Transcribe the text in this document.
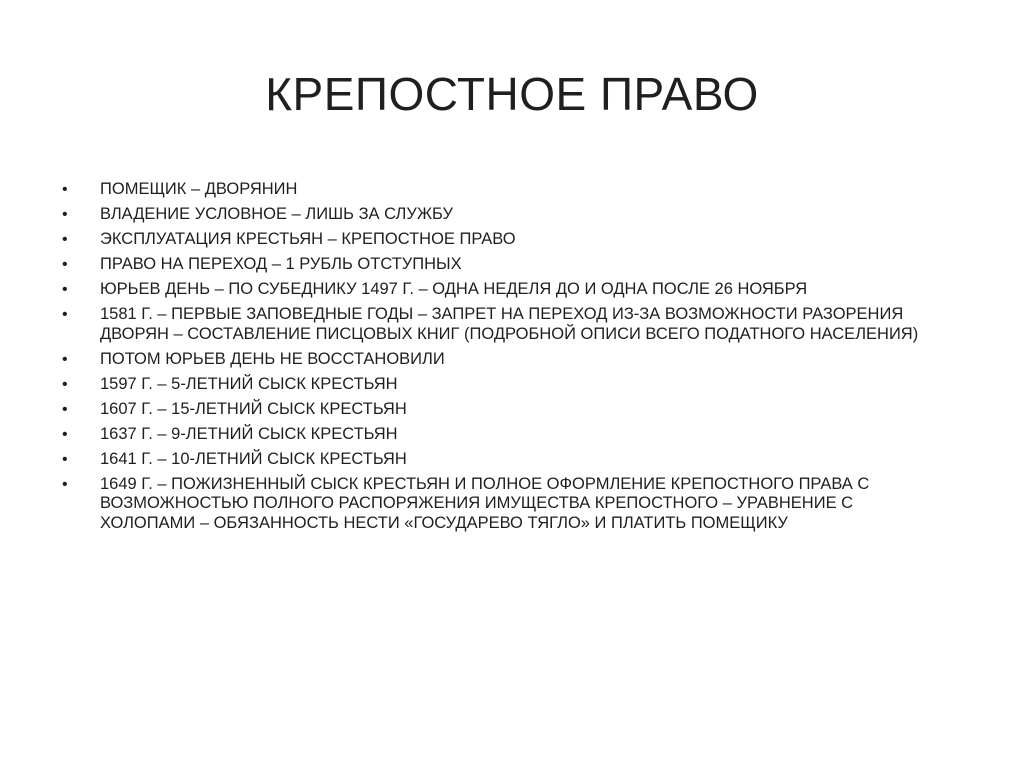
КРЕПОСТНОЕ ПРАВО
•	ПОМЕЩИК – ДВОРЯНИН
•	ВЛАДЕНИЕ УСЛОВНОЕ – ЛИШЬ ЗА СЛУЖБУ
•	ЭКСПЛУАТАЦИЯ КРЕСТЬЯН – КРЕПОСТНОЕ ПРАВО
•	ПРАВО НА ПЕРЕХОД – 1 РУБЛЬ ОТСТУПНЫХ
•	ЮРЬЕВ ДЕНЬ – ПО СУБЕДНИКУ 1497 Г. – ОДНА НЕДЕЛЯ ДО И ОДНА ПОСЛЕ 26 НОЯБРЯ
•	1581 Г. – ПЕРВЫЕ ЗАПОВЕДНЫЕ ГОДЫ – ЗАПРЕТ НА ПЕРЕХОД ИЗ-ЗА ВОЗМОЖНОСТИ РАЗОРЕНИЯ ДВОРЯН – СОСТАВЛЕНИЕ ПИСЦОВЫХ КНИГ (ПОДРОБНОЙ ОПИСИ ВСЕГО ПОДАТНОГО НАСЕЛЕНИЯ)
•	ПОТОМ ЮРЬЕВ ДЕНЬ НЕ ВОССТАНОВИЛИ
•	1597 Г. – 5-ЛЕТНИЙ СЫСК КРЕСТЬЯН
•	1607 Г. – 15-ЛЕТНИЙ СЫСК КРЕСТЬЯН
•	1637 Г. – 9-ЛЕТНИЙ СЫСК КРЕСТЬЯН
•	1641 Г. – 10-ЛЕТНИЙ СЫСК КРЕСТЬЯН
•	1649 Г. – ПОЖИЗНЕННЫЙ СЫСК КРЕСТЬЯН И ПОЛНОЕ ОФОРМЛЕНИЕ КРЕПОСТНОГО ПРАВА С ВОЗМОЖНОСТЬЮ ПОЛНОГО РАСПОРЯЖЕНИЯ ИМУЩЕСТВА КРЕПОСТНОГО – УРАВНЕНИЕ С ХОЛОПАМИ – ОБЯЗАННОСТЬ НЕСТИ «ГОСУДАРЕВО ТЯГЛО» И ПЛАТИТЬ ПОМЕЩИКУ
